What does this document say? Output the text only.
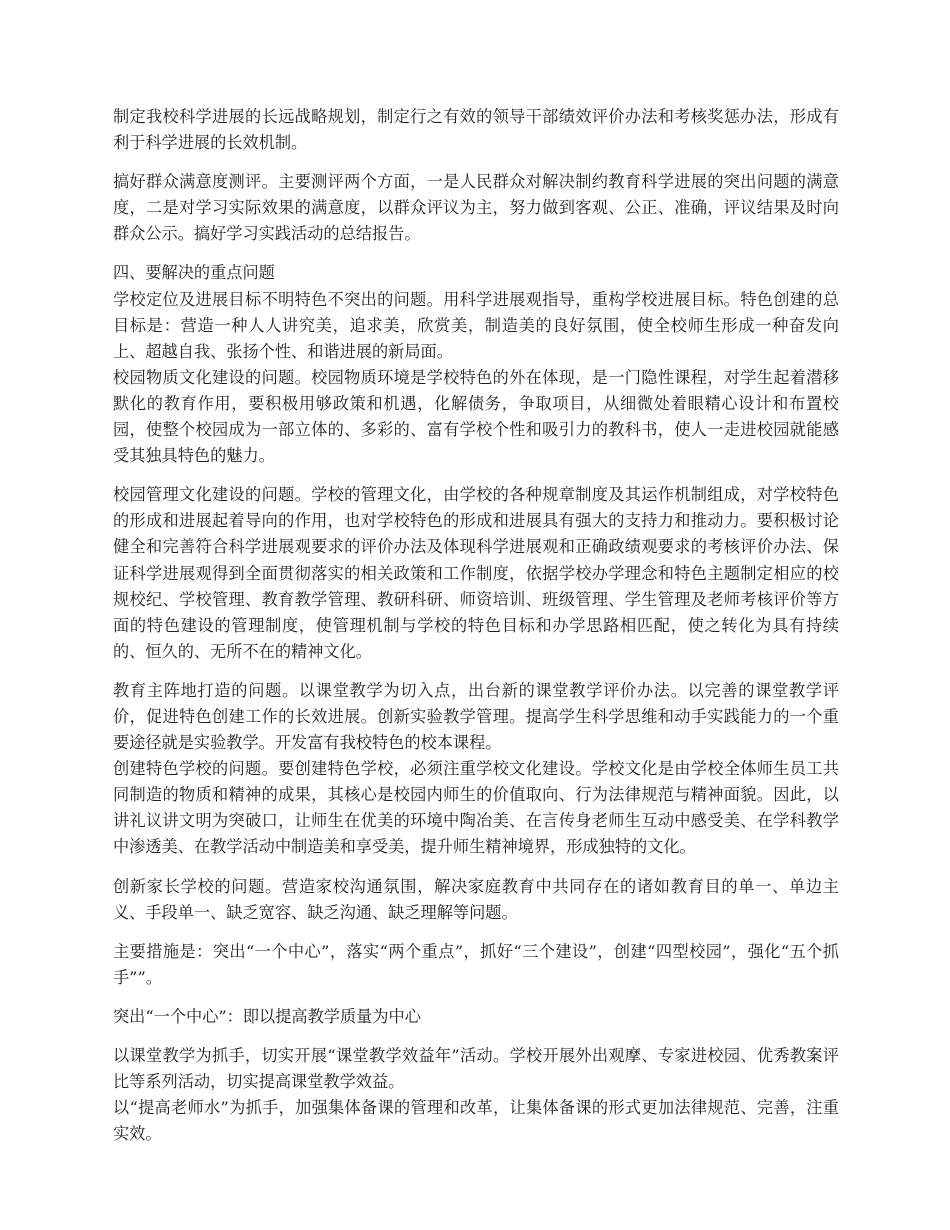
制定我校科学进展的长远战略规划，制定行之有效的领导干部绩效评价办法和考核奖惩办法，形成有利于科学进展的长效机制。

搞好群众满意度测评。主要测评两个方面，一是人民群众对解决制约教育科学进展的突出问题的满意度，二是对学习实际效果的满意度，以群众评议为主，努力做到客观、公正、准确，评议结果及时向群众公示。搞好学习实践活动的总结报告。

四、要解决的重点问题

学校定位及进展目标不明特色不突出的问题。用科学进展观指导，重构学校进展目标。特色创建的总目标是：营造一种人人讲究美，追求美，欣赏美，制造美的良好氛围，使全校师生形成一种奋发向上、超越自我、张扬个性、和谐进展的新局面。

校园物质文化建设的问题。校园物质环境是学校特色的外在体现，是一门隐性课程，对学生起着潜移默化的教育作用，要积极用够政策和机遇，化解债务，争取项目，从细微处着眼精心设计和布置校园，使整个校园成为一部立体的、多彩的、富有学校个性和吸引力的教科书，使人一走进校园就能感受其独具特色的魅力。

校园管理文化建设的问题。学校的管理文化，由学校的各种规章制度及其运作机制组成，对学校特色的形成和进展起着导向的作用，也对学校特色的形成和进展具有强大的支持力和推动力。要积极讨论健全和完善符合科学进展观要求的评价办法及体现科学进展观和正确政绩观要求的考核评价办法、保证科学进展观得到全面贯彻落实的相关政策和工作制度，依据学校办学理念和特色主题制定相应的校规校纪、学校管理、教育教学管理、教研科研、师资培训、班级管理、学生管理及老师考核评价等方面的特色建设的管理制度，使管理机制与学校的特色目标和办学思路相匹配，使之转化为具有持续的、恒久的、无所不在的精神文化。

教育主阵地打造的问题。以课堂教学为切入点，出台新的课堂教学评价办法。以完善的课堂教学评价，促进特色创建工作的长效进展。创新实验教学管理。提高学生科学思维和动手实践能力的一个重要途径就是实验教学。开发富有我校特色的校本课程。

创建特色学校的问题。要创建特色学校，必须注重学校文化建设。学校文化是由学校全体师生员工共同制造的物质和精神的成果，其核心是校园内师生的价值取向、行为法律规范与精神面貌。因此，以讲礼议讲文明为突破口，让师生在优美的环境中陶冶美、在言传身老师生互动中感受美、在学科教学中渗透美、在教学活动中制造美和享受美，提升师生精神境界，形成独特的文化。

创新家长学校的问题。营造家校沟通氛围，解决家庭教育中共同存在的诸如教育目的单一、单边主义、手段单一、缺乏宽容、缺乏沟通、缺乏理解等问题。

主要措施是：突出“一个中心”，落实“两个重点”，抓好“三个建设”，创建“四型校园”，强化“五个抓手””。

突出“一个中心”：即以提高教学质量为中心

以课堂教学为抓手，切实开展“课堂教学效益年”活动。学校开展外出观摩、专家进校园、优秀教案评比等系列活动，切实提高课堂教学效益。

以“提高老师水”为抓手，加强集体备课的管理和改革，让集体备课的形式更加法律规范、完善，注重实效。
